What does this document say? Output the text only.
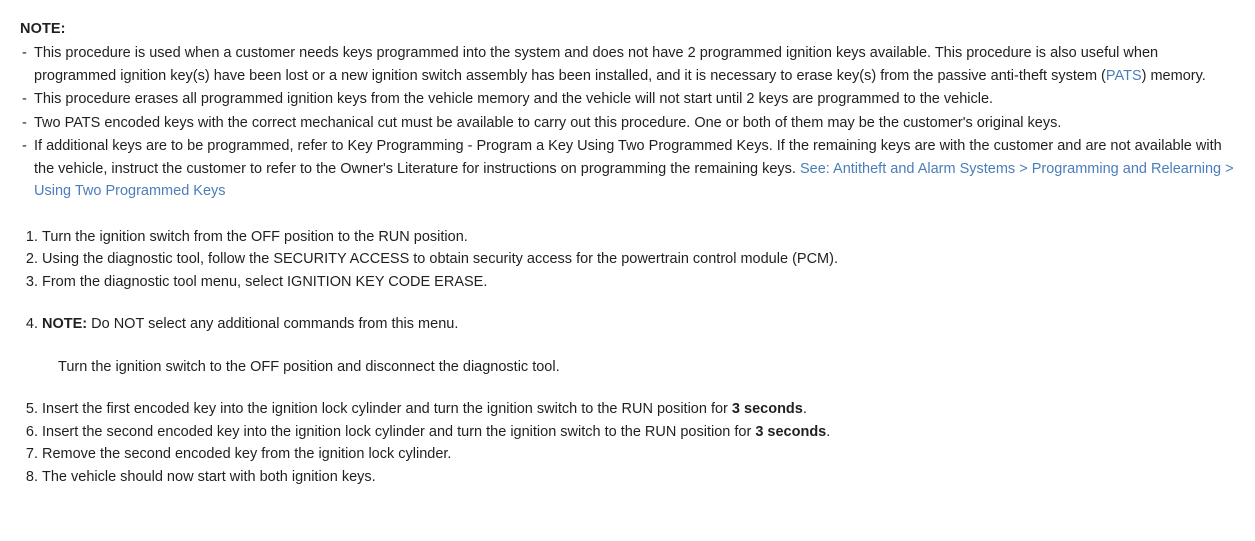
NOTE:
- This procedure is used when a customer needs keys programmed into the system and does not have 2 programmed ignition keys available. This procedure is also useful when programmed ignition key(s) have been lost or a new ignition switch assembly has been installed, and it is necessary to erase key(s) from the passive anti-theft system (PATS) memory.
- This procedure erases all programmed ignition keys from the vehicle memory and the vehicle will not start until 2 keys are programmed to the vehicle.
- Two PATS encoded keys with the correct mechanical cut must be available to carry out this procedure. One or both of them may be the customer's original keys.
- If additional keys are to be programmed, refer to Key Programming - Program a Key Using Two Programmed Keys. If the remaining keys are with the customer and are not available with the vehicle, instruct the customer to refer to the Owner's Literature for instructions on programming the remaining keys. See: Antitheft and Alarm Systems > Programming and Relearning > Using Two Programmed Keys
1. Turn the ignition switch from the OFF position to the RUN position.
2. Using the diagnostic tool, follow the SECURITY ACCESS to obtain security access for the powertrain control module (PCM).
3. From the diagnostic tool menu, select IGNITION KEY CODE ERASE.
4. NOTE: Do NOT select any additional commands from this menu.
Turn the ignition switch to the OFF position and disconnect the diagnostic tool.
5. Insert the first encoded key into the ignition lock cylinder and turn the ignition switch to the RUN position for 3 seconds.
6. Insert the second encoded key into the ignition lock cylinder and turn the ignition switch to the RUN position for 3 seconds.
7. Remove the second encoded key from the ignition lock cylinder.
8. The vehicle should now start with both ignition keys.
